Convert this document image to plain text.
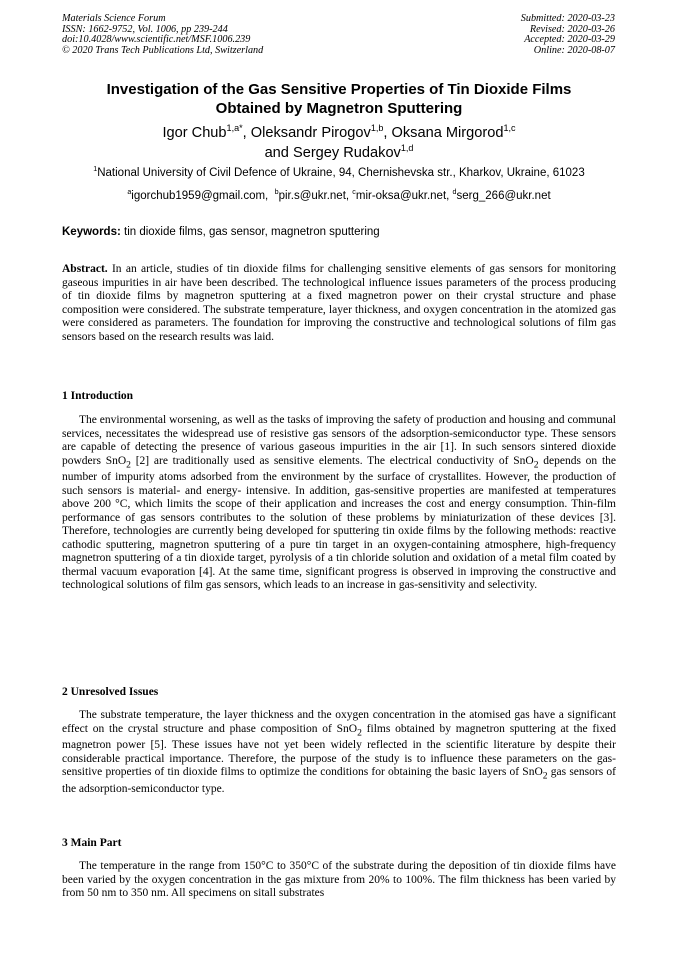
Materials Science Forum
ISSN: 1662-9752, Vol. 1006, pp 239-244
doi:10.4028/www.scientific.net/MSF.1006.239
© 2020 Trans Tech Publications Ltd, Switzerland
Submitted: 2020-03-23
Revised: 2020-03-26
Accepted: 2020-03-29
Online: 2020-08-07
Investigation of the Gas Sensitive Properties of Tin Dioxide Films
Obtained by Magnetron Sputtering
Igor Chub$^{1,a*}$, Oleksandr Pirogov$^{1,b}$, Oksana Mirgorod$^{1,c}$
and Sergey Rudakov$^{1,d}$
$^1$National University of Civil Defence of Ukraine, 94, Chernishevska str., Kharkov, Ukraine, 61023
$^a$igorchub1959@gmail.com, $^b$pir.s@ukr.net, $^c$mir-oksa@ukr.net, $^d$serg_266@ukr.net
Keywords: tin dioxide films, gas sensor, magnetron sputtering

Abstract. In an article, studies of tin dioxide films for challenging sensitive elements of gas sensors for monitoring gaseous impurities in air have been described. The technological influence issues parameters of the process producing of tin dioxide films by magnetron sputtering at a fixed magnetron power on their crystal structure and phase composition were considered. The substrate temperature, layer thickness, and oxygen concentration in the atomized gas were considered as parameters. The foundation for improving the constructive and technological solutions of film gas sensors based on the research results was laid.

1 Introduction

The environmental worsening, as well as the tasks of improving the safety of production and housing and communal services, necessitates the widespread use of resistive gas sensors of the adsorption-semiconductor type. These sensors are capable of detecting the presence of various gaseous impurities in the air [1]. In such sensors sintered dioxide powders SnO$_2$ [2] are traditionally used as sensitive elements. The electrical conductivity of SnO$_2$ depends on the number of impurity atoms adsorbed from the environment by the surface of crystallites. However, the production of such sensors is material- and energy- intensive. In addition, gas-sensitive properties are manifested at temperatures above 200 °C, which limits the scope of their application and increases the cost and energy consumption. Thin-film performance of gas sensors contributes to the solution of these problems by miniaturization of these devices [3]. Therefore, technologies are currently being developed for sputtering tin oxide films by the following methods: reactive cathodic sputtering, magnetron sputtering of a pure tin target in an oxygen-containing atmosphere, high-frequency magnetron sputtering of a tin dioxide target, pyrolysis of a tin chloride solution and oxidation of a metal film coated by thermal vacuum evaporation [4]. At the same time, significant progress is observed in improving the constructive and technological solutions of film gas sensors, which leads to an increase in gas-sensitivity and selectivity.

2 Unresolved Issues

The substrate temperature, the layer thickness and the oxygen concentration in the atomised gas have a significant effect on the crystal structure and phase composition of SnO$_2$ films obtained by magnetron sputtering at the fixed magnetron power [5]. These issues have not yet been widely reflected in the scientific literature by despite their considerable practical importance. Therefore, the purpose of the study is to influence these parameters on the gas-sensitive properties of tin dioxide films to optimize the conditions for obtaining the basic layers of SnO$_2$ gas sensors of the adsorption-semiconductor type.

3 Main Part

The temperature in the range from 150°C to 350°C of the substrate during the deposition of tin dioxide films have been varied by the oxygen concentration in the gas mixture from 20% to 100%. The film thickness has been varied by from 50 nm to 350 nm. All specimens on sitall substrates
